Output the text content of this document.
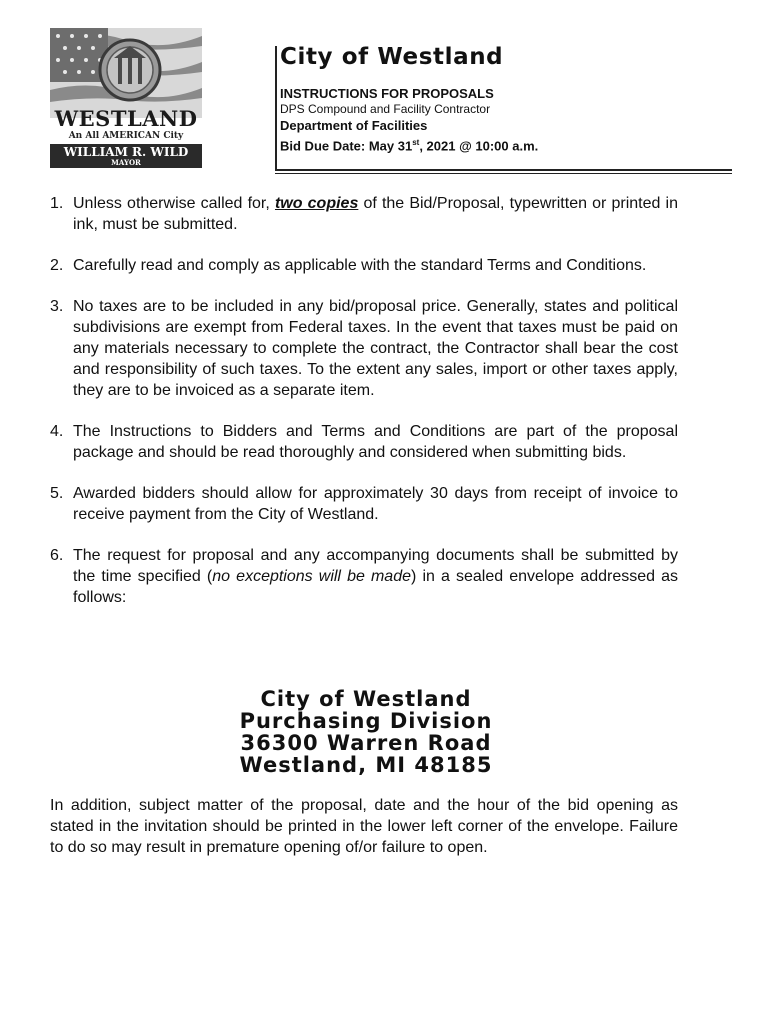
WESTLAND
An All AMERICAN City
WILLIAM R. WILD
MAYOR
City of Westland
INSTRUCTIONS FOR PROPOSALS
DPS Compound and Facility Contractor
Department of Facilities
Bid Due Date: May 31st, 2021 @ 10:00 a.m.
1. Unless otherwise called for, two copies of the Bid/Proposal, typewritten or printed in ink, must be submitted.
2. Carefully read and comply as applicable with the standard Terms and Conditions.
3. No taxes are to be included in any bid/proposal price. Generally, states and political subdivisions are exempt from Federal taxes. In the event that taxes must be paid on any materials necessary to complete the contract, the Contractor shall bear the cost and responsibility of such taxes. To the extent any sales, import or other taxes apply, they are to be invoiced as a separate item.
4. The Instructions to Bidders and Terms and Conditions are part of the proposal package and should be read thoroughly and considered when submitting bids.
5. Awarded bidders should allow for approximately 30 days from receipt of invoice to receive payment from the City of Westland.
6. The request for proposal and any accompanying documents shall be submitted by the time specified (no exceptions will be made) in a sealed envelope addressed as follows:
City of Westland
Purchasing Division
36300 Warren Road
Westland, MI 48185
In addition, subject matter of the proposal, date and the hour of the bid opening as stated in the invitation should be printed in the lower left corner of the envelope. Failure to do so may result in premature opening of/or failure to open.
